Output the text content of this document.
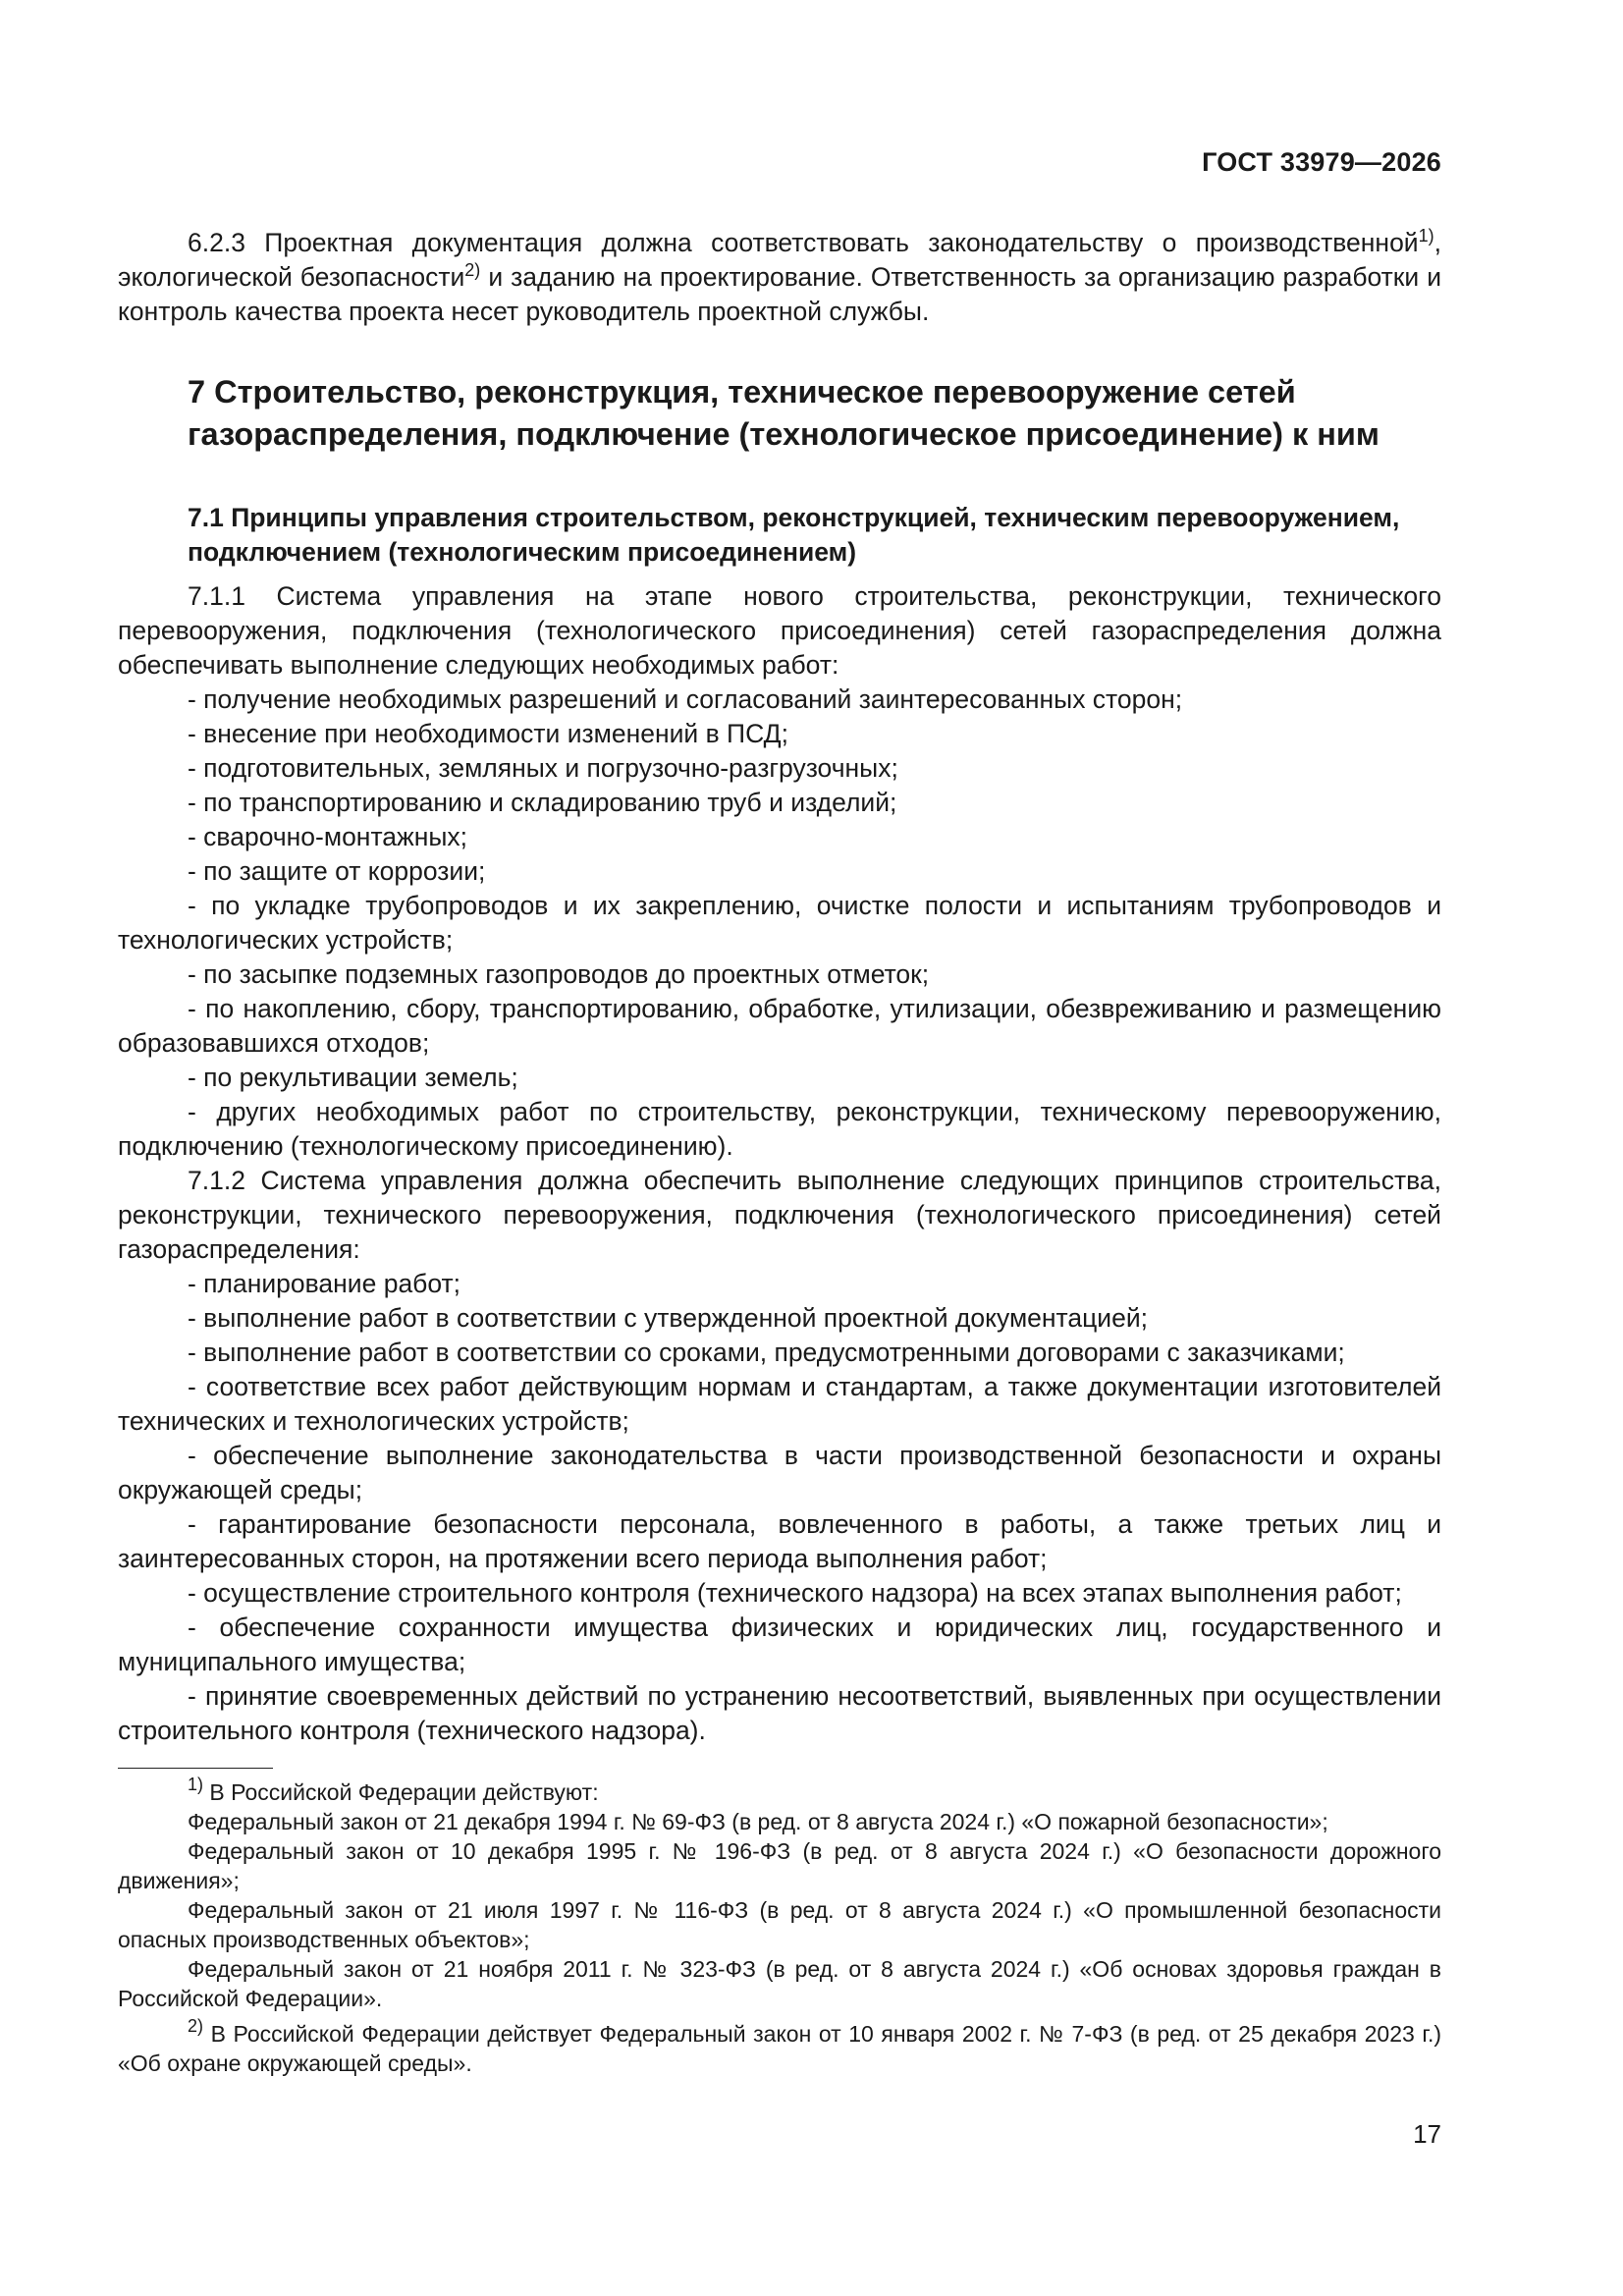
ГОСТ 33979—2026

6.2.3 Проектная документация должна соответствовать законодательству о производственной$^{1)}$, экологической безопасности$^{2)}$ и заданию на проектирование. Ответственность за организацию разработки и контроль качества проекта несет руководитель проектной службы.

7 Строительство, реконструкция, техническое перевооружение сетей газораспределения, подключение (технологическое присоединение) к ним
7.1 Принципы управления строительством, реконструкцией, техническим перевооружением, подключением (технологическим присоединением)

7.1.1 Система управления на этапе нового строительства, реконструкции, технического перевооружения, подключения (технологического присоединения) сетей газораспределения должна обеспечивать выполнение следующих необходимых работ:

- получение необходимых разрешений и согласований заинтересованных сторон;

- внесение при необходимости изменений в ПСД;

- подготовительных, земляных и погрузочно-разгрузочных;

- по транспортированию и складированию труб и изделий;

- сварочно-монтажных;

- по защите от коррозии;

- по укладке трубопроводов и их закреплению, очистке полости и испытаниям трубопроводов и технологических устройств;

- по засыпке подземных газопроводов до проектных отметок;

- по накоплению, сбору, транспортированию, обработке, утилизации, обезвреживанию и размещению образовавшихся отходов;

- по рекультивации земель;

- других необходимых работ по строительству, реконструкции, техническому перевооружению, подключению (технологическому присоединению).

7.1.2 Система управления должна обеспечить выполнение следующих принципов строительства, реконструкции, технического перевооружения, подключения (технологического присоединения) сетей газораспределения:

- планирование работ;

- выполнение работ в соответствии с утвержденной проектной документацией;

- выполнение работ в соответствии со сроками, предусмотренными договорами с заказчиками;

- соответствие всех работ действующим нормам и стандартам, а также документации изготовителей технических и технологических устройств;

- обеспечение выполнение законодательства в части производственной безопасности и охраны окружающей среды;

- гарантирование безопасности персонала, вовлеченного в работы, а также третьих лиц и заинтересованных сторон, на протяжении всего периода выполнения работ;

- осуществление строительного контроля (технического надзора) на всех этапах выполнения работ;

- обеспечение сохранности имущества физических и юридических лиц, государственного и муниципального имущества;

- принятие своевременных действий по устранению несоответствий, выявленных при осуществлении строительного контроля (технического надзора).

$^{1)}$ В Российской Федерации действуют:

Федеральный закон от 21 декабря 1994 г. № 69-ФЗ (в ред. от 8 августа 2024 г.) «О пожарной безопасности»;

Федеральный закон от 10 декабря 1995 г. № 196-ФЗ (в ред. от 8 августа 2024 г.) «О безопасности дорожного движения»;

Федеральный закон от 21 июля 1997 г. № 116-ФЗ (в ред. от 8 августа 2024 г.) «О промышленной безопасности опасных производственных объектов»;

Федеральный закон от 21 ноября 2011 г. № 323-ФЗ (в ред. от 8 августа 2024 г.) «Об основах здоровья граждан в Российской Федерации».

$^{2)}$ В Российской Федерации действует Федеральный закон от 10 января 2002 г. № 7-ФЗ (в ред. от 25 декабря 2023 г.) «Об охране окружающей среды».

17
